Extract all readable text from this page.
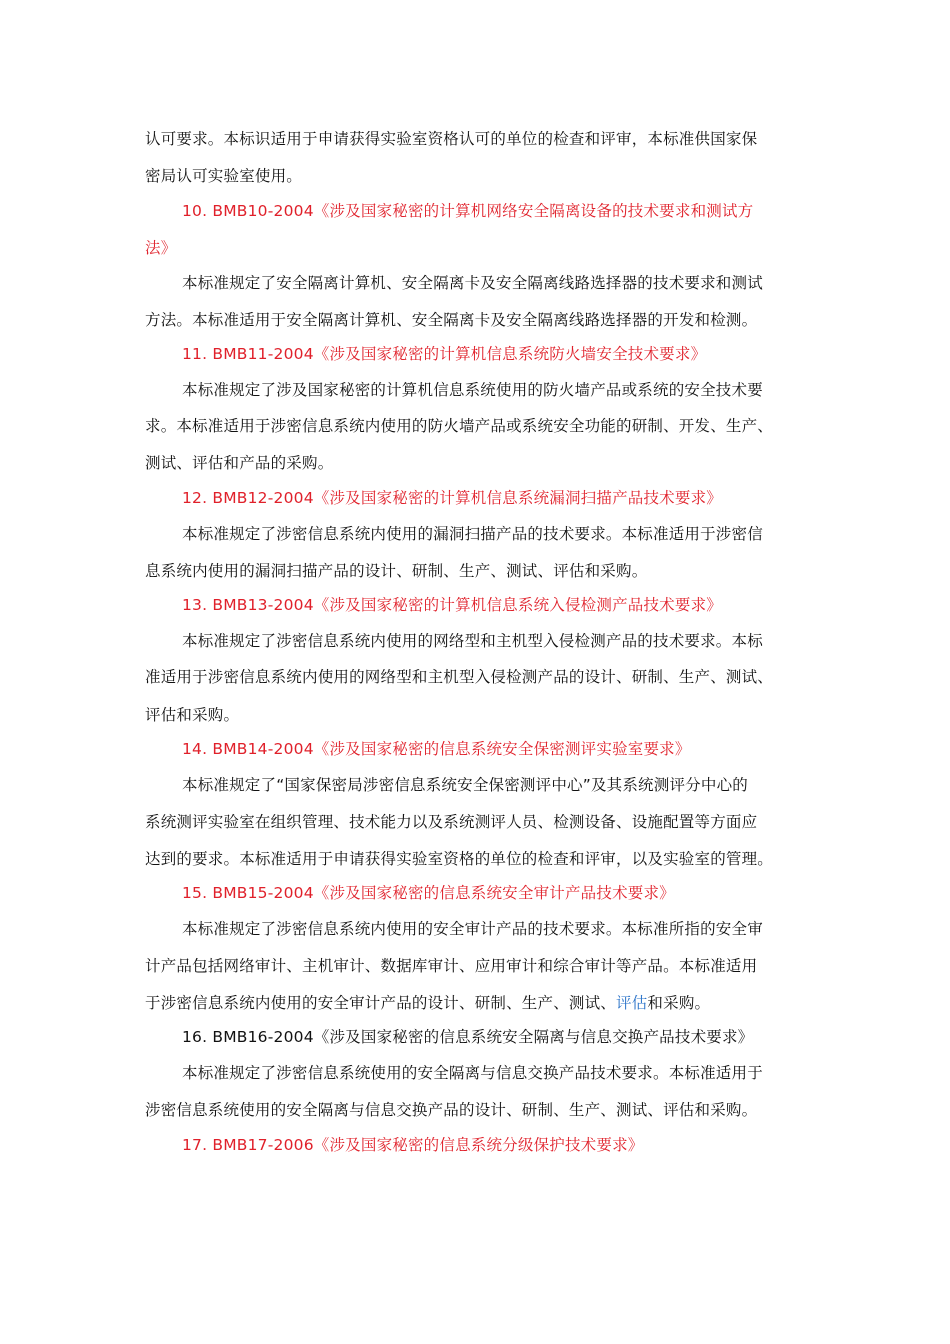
认可要求。本标识适用于申请获得实验室资格认可的单位的检查和评审，本标准供国家保
密局认可实验室使用。
10. BMB10-2004《涉及国家秘密的计算机网络安全隔离设备的技术要求和测试方
法》
本标准规定了安全隔离计算机、安全隔离卡及安全隔离线路选择器的技术要求和测试
方法。本标准适用于安全隔离计算机、安全隔离卡及安全隔离线路选择器的开发和检测。
11. BMB11-2004《涉及国家秘密的计算机信息系统防火墙安全技术要求》
本标准规定了涉及国家秘密的计算机信息系统使用的防火墙产品或系统的安全技术要
求。本标准适用于涉密信息系统内使用的防火墙产品或系统安全功能的研制、开发、生产、
测试、评估和产品的采购。
12. BMB12-2004《涉及国家秘密的计算机信息系统漏洞扫描产品技术要求》
本标准规定了涉密信息系统内使用的漏洞扫描产品的技术要求。本标准适用于涉密信
息系统内使用的漏洞扫描产品的设计、研制、生产、测试、评估和采购。
13. BMB13-2004《涉及国家秘密的计算机信息系统入侵检测产品技术要求》
本标准规定了涉密信息系统内使用的网络型和主机型入侵检测产品的技术要求。本标
准适用于涉密信息系统内使用的网络型和主机型入侵检测产品的设计、研制、生产、测试、
评估和采购。
14. BMB14-2004《涉及国家秘密的信息系统安全保密测评实验室要求》
本标准规定了“国家保密局涉密信息系统安全保密测评中心”及其系统测评分中心的
系统测评实验室在组织管理、技术能力以及系统测评人员、检测设备、设施配置等方面应
达到的要求。本标准适用于申请获得实验室资格的单位的检查和评审，以及实验室的管理。
15. BMB15-2004《涉及国家秘密的信息系统安全审计产品技术要求》
本标准规定了涉密信息系统内使用的安全审计产品的技术要求。本标准所指的安全审
计产品包括网络审计、主机审计、数据库审计、应用审计和综合审计等产品。本标准适用
于涉密信息系统内使用的安全审计产品的设计、研制、生产、测试、评估和采购。
16. BMB16-2004《涉及国家秘密的信息系统安全隔离与信息交换产品技术要求》
本标准规定了涉密信息系统使用的安全隔离与信息交换产品技术要求。本标准适用于
涉密信息系统使用的安全隔离与信息交换产品的设计、研制、生产、测试、评估和采购。
17. BMB17-2006《涉及国家秘密的信息系统分级保护技术要求》
